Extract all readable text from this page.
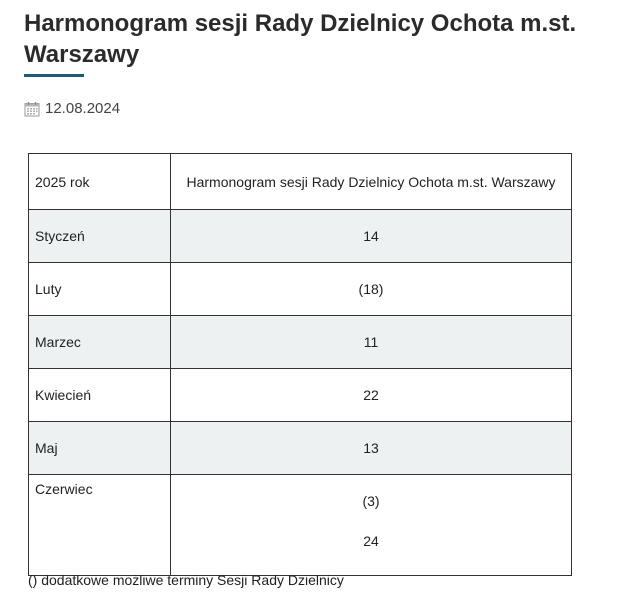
Harmonogram sesji Rady Dzielnicy Ochota m.st. Warszawy
12.08.2024
2025 rok	Harmonogram sesji Rady Dzielnicy Ochota m.st. Warszawy
Styczeń	14
Luty	(18)
Marzec	11
Kwiecień	22
Maj	13
Czerwiec	(3)
24
() dodatkowe możliwe terminy Sesji Rady Dzielnicy
